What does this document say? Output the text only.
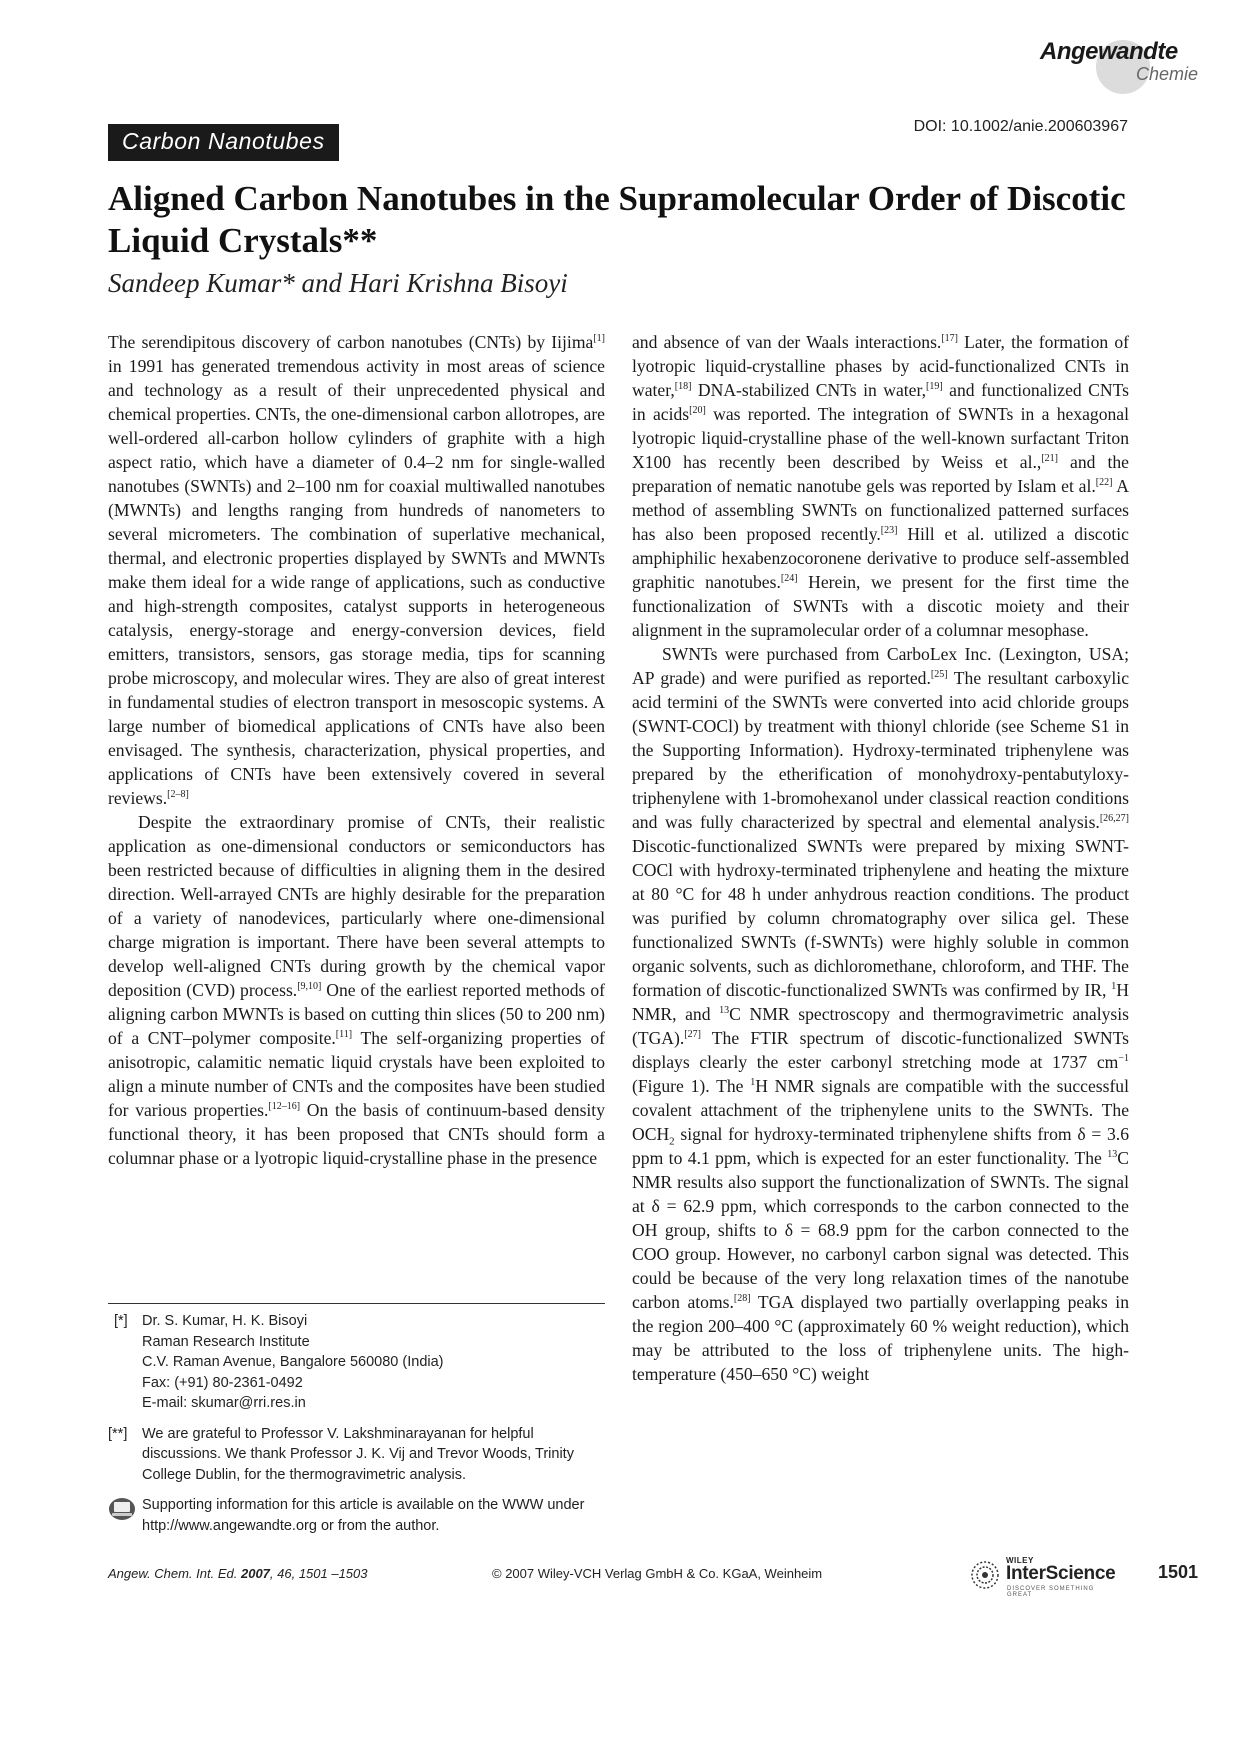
Angewandte
Chemie
Carbon Nanotubes
DOI: 10.1002/anie.200603967
Aligned Carbon Nanotubes in the Supramolecular Order of Discotic Liquid Crystals**
Sandeep Kumar* and Hari Krishna Bisoyi

The serendipitous discovery of carbon nanotubes (CNTs) by Iijima[1] in 1991 has generated tremendous activity in most areas of science and technology as a result of their unprecedented physical and chemical properties. CNTs, the one-dimensional carbon allotropes, are well-ordered all-carbon hollow cylinders of graphite with a high aspect ratio, which have a diameter of 0.4–2 nm for single-walled nanotubes (SWNTs) and 2–100 nm for coaxial multiwalled nanotubes (MWNTs) and lengths ranging from hundreds of nanometers to several micrometers. The combination of superlative mechanical, thermal, and electronic properties displayed by SWNTs and MWNTs make them ideal for a wide range of applications, such as conductive and high-strength composites, catalyst supports in heterogeneous catalysis, energy-storage and energy-conversion devices, field emitters, transistors, sensors, gas storage media, tips for scanning probe microscopy, and molecular wires. They are also of great interest in fundamental studies of electron transport in mesoscopic systems. A large number of biomedical applications of CNTs have also been envisaged. The synthesis, characterization, physical properties, and applications of CNTs have been extensively covered in several reviews.[2–8]

Despite the extraordinary promise of CNTs, their realistic application as one-dimensional conductors or semiconductors has been restricted because of difficulties in aligning them in the desired direction. Well-arrayed CNTs are highly desirable for the preparation of a variety of nanodevices, particularly where one-dimensional charge migration is important. There have been several attempts to develop well-aligned CNTs during growth by the chemical vapor deposition (CVD) process.[9,10] One of the earliest reported methods of aligning carbon MWNTs is based on cutting thin slices (50 to 200 nm) of a CNT–polymer composite.[11] The self-organizing properties of anisotropic, calamitic nematic liquid crystals have been exploited to align a minute number of CNTs and the composites have been studied for various properties.[12–16] On the basis of continuum-based density functional theory, it has been proposed that CNTs should form a columnar phase or a lyotropic liquid-crystalline phase in the presence

and absence of van der Waals interactions.[17] Later, the formation of lyotropic liquid-crystalline phases by acid-functionalized CNTs in water,[18] DNA-stabilized CNTs in water,[19] and functionalized CNTs in acids[20] was reported. The integration of SWNTs in a hexagonal lyotropic liquid-crystalline phase of the well-known surfactant Triton X100 has recently been described by Weiss et al.,[21] and the preparation of nematic nanotube gels was reported by Islam et al.[22] A method of assembling SWNTs on functionalized patterned surfaces has also been proposed recently.[23] Hill et al. utilized a discotic amphiphilic hexabenzocoronene derivative to produce self-assembled graphitic nanotubes.[24] Herein, we present for the first time the functionalization of SWNTs with a discotic moiety and their alignment in the supramolecular order of a columnar mesophase.

SWNTs were purchased from CarboLex Inc. (Lexington, USA; AP grade) and were purified as reported.[25] The resultant carboxylic acid termini of the SWNTs were converted into acid chloride groups (SWNT-COCl) by treatment with thionyl chloride (see Scheme S1 in the Supporting Information). Hydroxy-terminated triphenylene was prepared by the etherification of monohydroxy-pentabutyloxy-triphenylene with 1-bromohexanol under classical reaction conditions and was fully characterized by spectral and elemental analysis.[26,27] Discotic-functionalized SWNTs were prepared by mixing SWNT-COCl with hydroxy-terminated triphenylene and heating the mixture at 80 °C for 48 h under anhydrous reaction conditions. The product was purified by column chromatography over silica gel. These functionalized SWNTs (f-SWNTs) were highly soluble in common organic solvents, such as dichloromethane, chloroform, and THF. The formation of discotic-functionalized SWNTs was confirmed by IR, $^1$H NMR, and $^{13}$C NMR spectroscopy and thermogravimetric analysis (TGA).[27] The FTIR spectrum of discotic-functionalized SWNTs displays clearly the ester carbonyl stretching mode at 1737 $cm^{-1}$ (Figure 1). The $^1$H NMR signals are compatible with the successful covalent attachment of the triphenylene units to the SWNTs. The $OCH_2$ signal for hydroxy-terminated triphenylene shifts from δ = 3.6 ppm to 4.1 ppm, which is expected for an ester functionality. The $^{13}$C NMR results also support the functionalization of SWNTs. The signal at δ = 62.9 ppm, which corresponds to the carbon connected to the OH group, shifts to δ = 68.9 ppm for the carbon connected to the COO group. However, no carbonyl carbon signal was detected. This could be because of the very long relaxation times of the nanotube carbon atoms.[28] TGA displayed two partially overlapping peaks in the region 200–400 °C (approximately 60 % weight reduction), which may be attributed to the loss of triphenylene units. The high-temperature (450–650 °C) weight

[*] Dr. S. Kumar, H. K. Bisoyi
Raman Research Institute
C.V. Raman Avenue, Bangalore 560080 (India)
Fax: (+91) 80-2361-0492
E-mail: skumar@rri.res.in
[**] We are grateful to Professor V. Lakshminarayanan for helpful discussions. We thank Professor J. K. Vij and Trevor Woods, Trinity College Dublin, for the thermogravimetric analysis.
Supporting information for this article is available on the WWW under http://www.angewandte.org or from the author.
Angew. Chem. Int. Ed. 2007, 46, 1501 –1503	© 2007 Wiley-VCH Verlag GmbH & Co. KGaA, Weinheim
WILEY
InterScience
DISCOVER SOMETHING GREAT
1501
